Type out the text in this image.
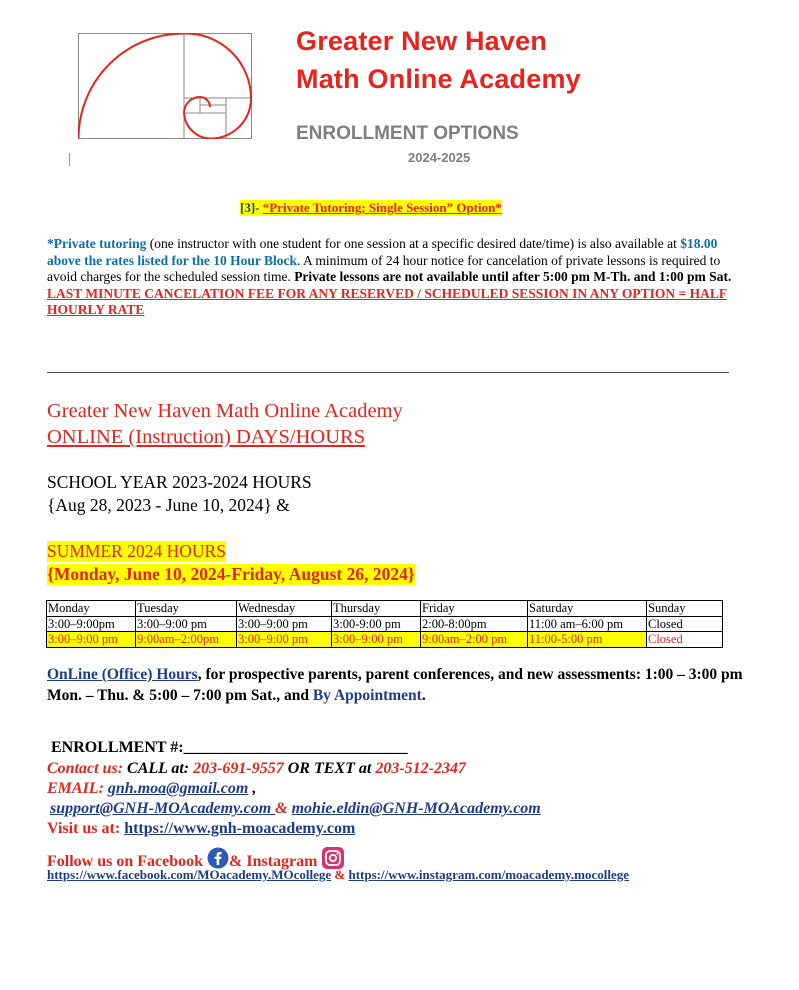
Greater New Haven
Math Online Academy
ENROLLMENT OPTIONS
2024-2025
[3]- “Private Tutoring; Single Session” Option*
*Private tutoring (one instructor with one student for one session at a specific desired date/time) is also available at $18.00 above the rates listed for the 10 Hour Block. A minimum of 24 hour notice for cancelation of private lessons is required to avoid charges for the scheduled session time. Private lessons are not available until after 5:00 pm M-Th. and 1:00 pm Sat. LAST MINUTE CANCELATION FEE FOR ANY RESERVED / SCHEDULED SESSION IN ANY OPTION = HALF HOURLY RATE
Greater New Haven Math Online Academy
ONLINE (Instruction) DAYS/HOURS
SCHOOL YEAR 2023-2024 HOURS
{Aug 28, 2023 - June 10, 2024} &
SUMMER 2024 HOURS
{Monday, June 10, 2024-Friday, August 26, 2024}
Monday	Tuesday	Wednesday	Thursday	Friday	Saturday	Sunday
3:00–9:00pm	3:00–9:00 pm	3:00–9:00 pm	3:00-9:00 pm	2:00-8:00pm	11:00 am–6:00 pm	Closed
3:00–9:00 pm	9:00am–2:00pm	3:00–9:00 pm	3:00–9:00 pm	9:00am–2:00 pm	11:00-5:00 pm	Closed
OnLine (Office) Hours, for prospective parents, parent conferences, and new assessments: 1:00 – 3:00 pm Mon. – Thu. & 5:00 – 7:00 pm Sat., and By Appointment.
ENROLLMENT #:____________________________
Contact us: CALL at: 203-691-9557 OR TEXT at 203-512-2347
EMAIL: gnh.moa@gmail.com ,
support@GNH-MOAcademy.com & mohie.eldin@GNH-MOAcademy.com
Visit us at: https://www.gnh-moacademy.com
Follow us on Facebook & Instagram
https://www.facebook.com/MOacademy.MOcollege & https://www.instagram.com/moacademy.mocollege
